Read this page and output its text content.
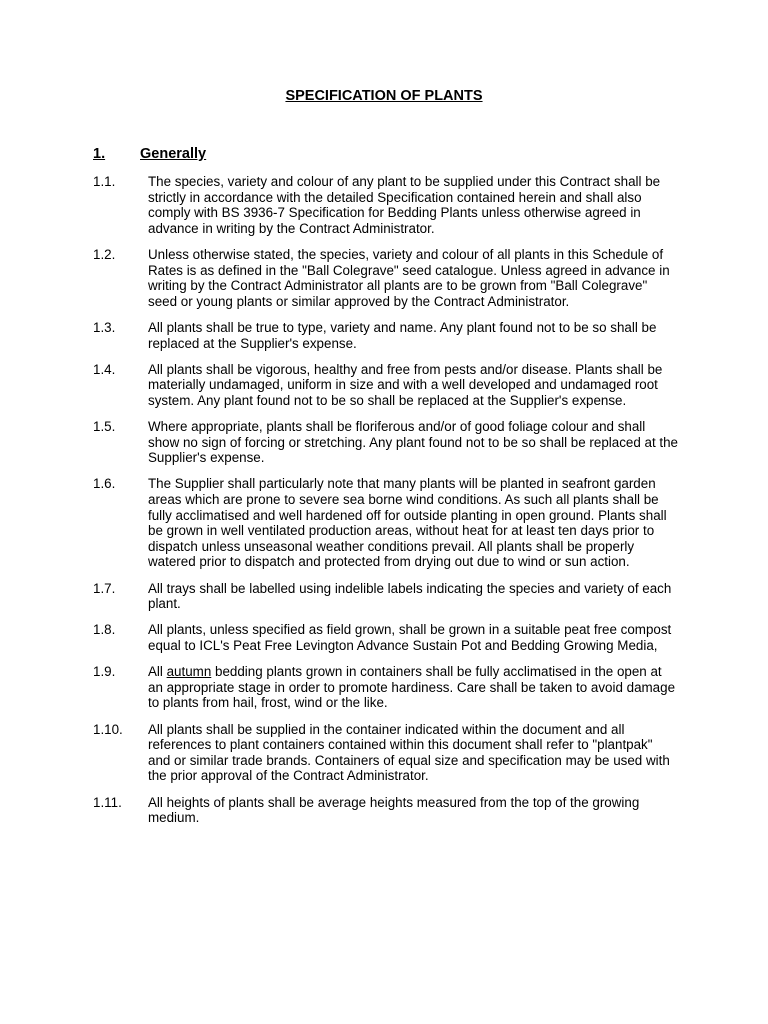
SPECIFICATION OF PLANTS
1. Generally
1.1.	The species, variety and colour of any plant to be supplied under this Contract shall be strictly in accordance with the detailed Specification contained herein and shall also comply with BS 3936-7 Specification for Bedding Plants unless otherwise agreed in advance in writing by the Contract Administrator.
1.2.	Unless otherwise stated, the species, variety and colour of all plants in this Schedule of Rates is as defined in the "Ball Colegrave" seed catalogue. Unless agreed in advance in writing by the Contract Administrator all plants are to be grown from "Ball Colegrave" seed or young plants or similar approved by the Contract Administrator.
1.3.	All plants shall be true to type, variety and name. Any plant found not to be so shall be replaced at the Supplier's expense.
1.4.	All plants shall be vigorous, healthy and free from pests and/or disease. Plants shall be materially undamaged, uniform in size and with a well developed and undamaged root system. Any plant found not to be so shall be replaced at the Supplier's expense.
1.5.	Where appropriate, plants shall be floriferous and/or of good foliage colour and shall show no sign of forcing or stretching. Any plant found not to be so shall be replaced at the Supplier's expense.
1.6.	The Supplier shall particularly note that many plants will be planted in seafront garden areas which are prone to severe sea borne wind conditions. As such all plants shall be fully acclimatised and well hardened off for outside planting in open ground. Plants shall be grown in well ventilated production areas, without heat for at least ten days prior to dispatch unless unseasonal weather conditions prevail. All plants shall be properly watered prior to dispatch and protected from drying out due to wind or sun action.
1.7.	All trays shall be labelled using indelible labels indicating the species and variety of each plant.
1.8.	All plants, unless specified as field grown, shall be grown in a suitable peat free compost equal to ICL's Peat Free Levington Advance Sustain Pot and Bedding Growing Media,
1.9.	All autumn bedding plants grown in containers shall be fully acclimatised in the open at an appropriate stage in order to promote hardiness. Care shall be taken to avoid damage to plants from hail, frost, wind or the like.
1.10.	All plants shall be supplied in the container indicated within the document and all references to plant containers contained within this document shall refer to "plantpak" and or similar trade brands. Containers of equal size and specification may be used with the prior approval of the Contract Administrator.
1.11.	All heights of plants shall be average heights measured from the top of the growing medium.
